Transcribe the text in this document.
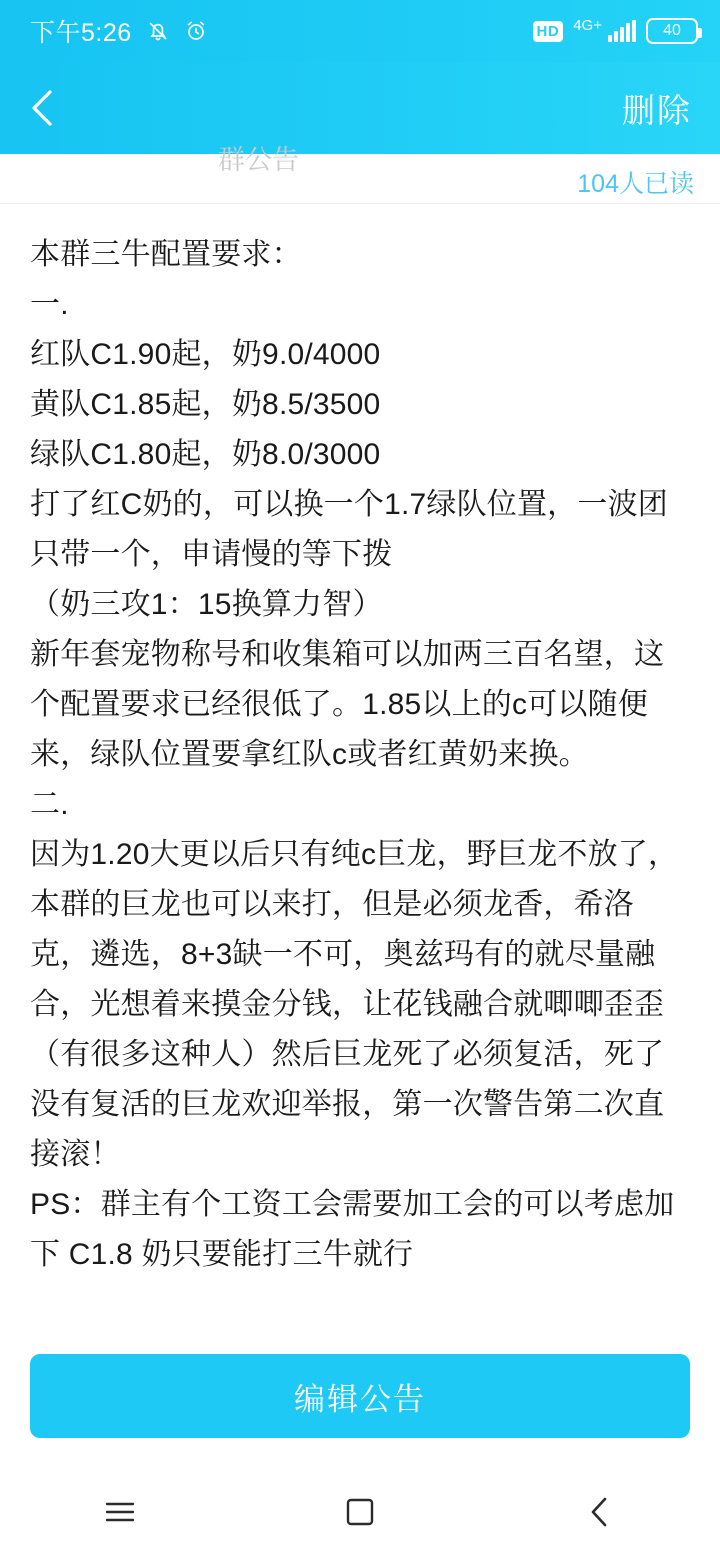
下午5:26	HD 4G+	40
删除
群公告
104人已读

本群三牛配置要求：

一.

红队C1.90起，奶9.0/4000

黄队C1.85起，奶8.5/3500

绿队C1.80起，奶8.0/3000

打了红C奶的，可以换一个1.7绿队位置，一波团只带一个，申请慢的等下拨

（奶三攻1：15换算力智）

新年套宠物称号和收集箱可以加两三百名望，这个配置要求已经很低了。1.85以上的c可以随便来，绿队位置要拿红队c或者红黄奶来换。

二.

因为1.20大更以后只有纯c巨龙，野巨龙不放了，本群的巨龙也可以来打，但是必须龙香，希洛克，遴选，8+3缺一不可，奥兹玛有的就尽量融合，光想着来摸金分钱，让花钱融合就唧唧歪歪（有很多这种人）然后巨龙死了必须复活，死了没有复活的巨龙欢迎举报，第一次警告第二次直接滚！

PS：群主有个工资工会需要加工会的可以考虑加下 C1.8 奶只要能打三牛就行

编辑公告
